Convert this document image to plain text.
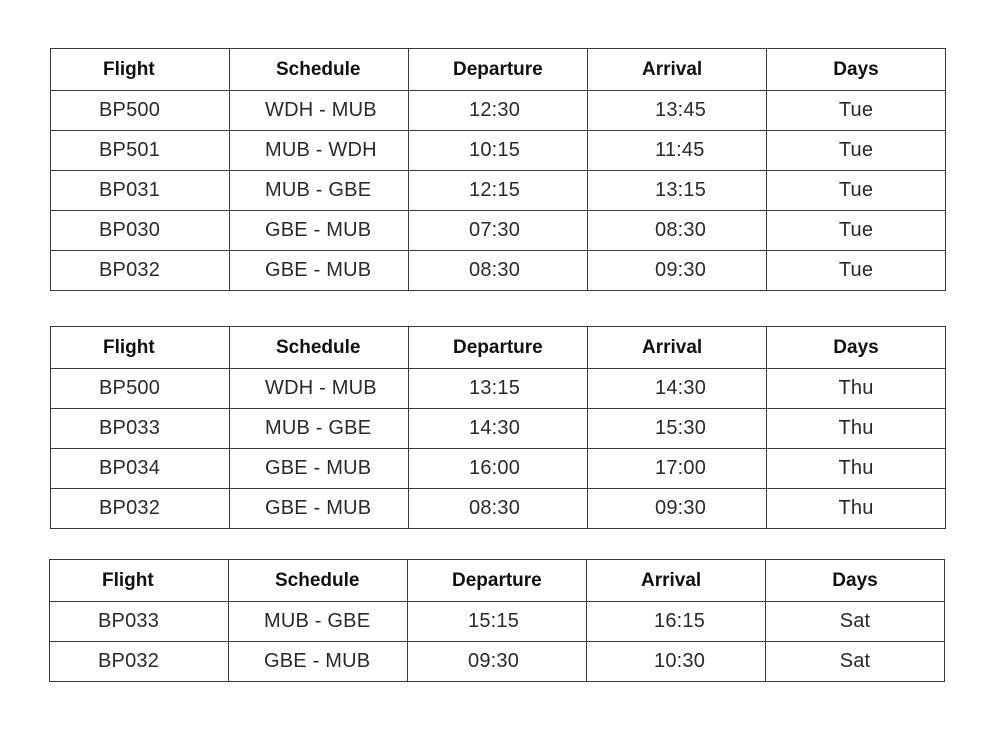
Flight	Schedule	Departure	Arrival	Days
BP500	WDH - MUB	12:30	13:45	Tue
BP501	MUB - WDH	10:15	11:45	Tue
BP031	MUB - GBE	12:15	13:15	Tue
BP030	GBE - MUB	07:30	08:30	Tue
BP032	GBE - MUB	08:30	09:30	Tue
Flight	Schedule	Departure	Arrival	Days
BP500	WDH - MUB	13:15	14:30	Thu
BP033	MUB - GBE	14:30	15:30	Thu
BP034	GBE - MUB	16:00	17:00	Thu
BP032	GBE - MUB	08:30	09:30	Thu
Flight	Schedule	Departure	Arrival	Days
BP033	MUB - GBE	15:15	16:15	Sat
BP032	GBE - MUB	09:30	10:30	Sat
